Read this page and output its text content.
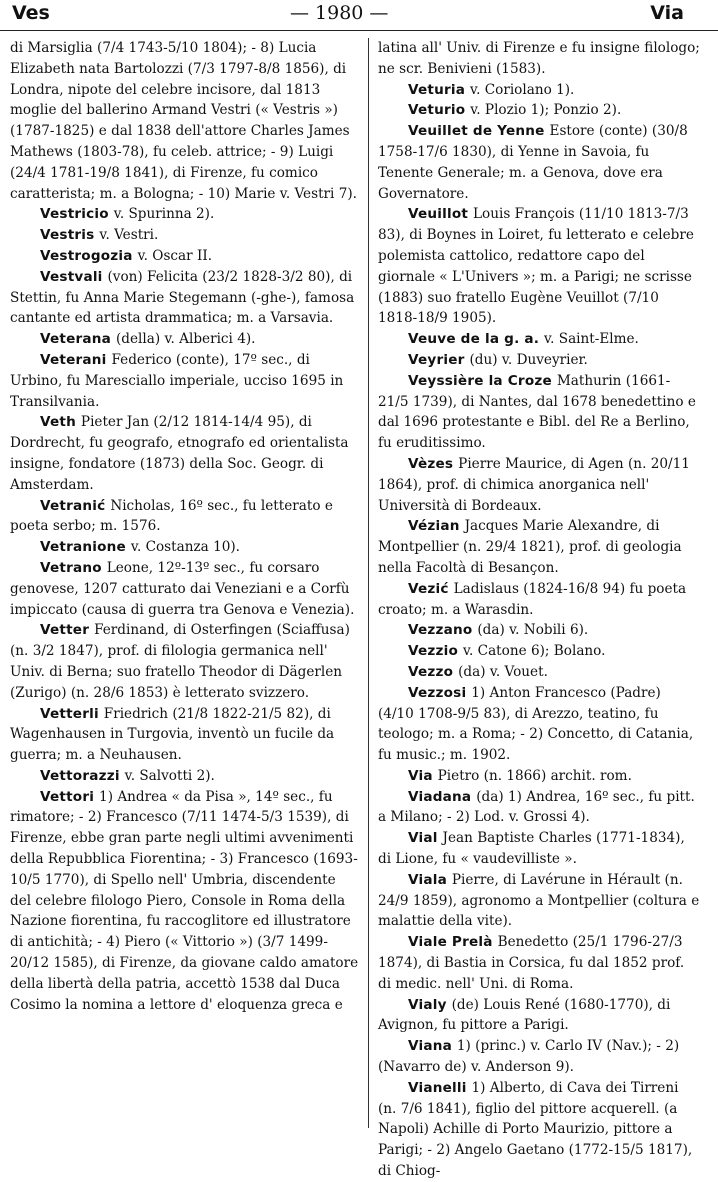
Ves	— 1980 —	Via

di Marsiglia (7/4 1743-5/10 1804); - 8) Lucia Elizabeth nata Bartolozzi (7/3 1797-8/8 1856), di Londra, nipote del celebre incisore, dal 1813 moglie del ballerino Armand Vestri (« Vestris ») (1787-1825) e dal 1838 dell'attore Charles James Mathews (1803-78), fu celeb. attrice; - 9) Luigi (24/4 1781-19/8 1841), di Firenze, fu comico caratterista; m. a Bologna; - 10) Marie v. Vestri 7).

Vestricio v. Spurinna 2).

Vestris v. Vestri.

Vestrogozia v. Oscar II.

Vestvali (von) Felicita (23/2 1828-3/2 80), di Stettin, fu Anna Marie Stegemann (-ghe-), famosa cantante ed artista drammatica; m. a Varsavia.

Veterana (della) v. Alberici 4).

Veterani Federico (conte), 17º sec., di Urbino, fu Maresciallo imperiale, ucciso 1695 in Transilvania.

Veth Pieter Jan (2/12 1814-14/4 95), di Dordrecht, fu geografo, etnografo ed orientalista insigne, fondatore (1873) della Soc. Geogr. di Amsterdam.

Vetranić Nicholas, 16º sec., fu letterato e poeta serbo; m. 1576.

Vetranione v. Costanza 10).

Vetrano Leone, 12º-13º sec., fu corsaro genovese, 1207 catturato dai Veneziani e a Corfù impiccato (causa di guerra tra Genova e Venezia).

Vetter Ferdinand, di Osterfingen (Sciaffusa) (n. 3/2 1847), prof. di filologia germanica nell' Univ. di Berna; suo fratello Theodor di Dägerlen (Zurigo) (n. 28/6 1853) è letterato svizzero.

Vetterli Friedrich (21/8 1822-21/5 82), di Wagenhausen in Turgovia, inventò un fucile da guerra; m. a Neuhausen.

Vettorazzi v. Salvotti 2).

Vettori 1) Andrea « da Pisa », 14º sec., fu rimatore; - 2) Francesco (7/11 1474-5/3 1539), di Firenze, ebbe gran parte negli ultimi avvenimenti della Repubblica Fiorentina; - 3) Francesco (1693-10/5 1770), di Spello nell' Umbria, discendente del celebre filologo Piero, Console in Roma della Nazione fiorentina, fu raccoglitore ed illustratore di antichità; - 4) Piero (« Vittorio ») (3/7 1499-20/12 1585), di Firenze, da giovane caldo amatore della libertà della patria, accettò 1538 dal Duca Cosimo la nomina a lettore d' eloquenza greca e

latina all' Univ. di Firenze e fu insigne filologo; ne scr. Benivieni (1583).

Veturia v. Coriolano 1).

Veturio v. Plozio 1); Ponzio 2).

Veuillet de Yenne Estore (conte) (30/8 1758-17/6 1830), di Yenne in Savoia, fu Tenente Generale; m. a Genova, dove era Governatore.

Veuillot Louis François (11/10 1813-7/3 83), di Boynes in Loiret, fu letterato e celebre polemista cattolico, redattore capo del giornale « L'Univers »; m. a Parigi; ne scrisse (1883) suo fratello Eugène Veuillot (7/10 1818-18/9 1905).

Veuve de la g. a. v. Saint-Elme.

Veyrier (du) v. Duveyrier.

Veyssière la Croze Mathurin (1661-21/5 1739), di Nantes, dal 1678 benedettino e dal 1696 protestante e Bibl. del Re a Berlino, fu eruditissimo.

Vèzes Pierre Maurice, di Agen (n. 20/11 1864), prof. di chimica anorganica nell' Università di Bordeaux.

Vézian Jacques Marie Alexandre, di Montpellier (n. 29/4 1821), prof. di geologia nella Facoltà di Besançon.

Vezić Ladislaus (1824-16/8 94) fu poeta croato; m. a Warasdin.

Vezzano (da) v. Nobili 6).

Vezzio v. Catone 6); Bolano.

Vezzo (da) v. Vouet.

Vezzosi 1) Anton Francesco (Padre) (4/10 1708-9/5 83), di Arezzo, teatino, fu teologo; m. a Roma; - 2) Concetto, di Catania, fu music.; m. 1902.

Via Pietro (n. 1866) archit. rom.

Viadana (da) 1) Andrea, 16º sec., fu pitt. a Milano; - 2) Lod. v. Grossi 4).

Vial Jean Baptiste Charles (1771-1834), di Lione, fu « vaudevilliste ».

Viala Pierre, di Lavérune in Hérault (n. 24/9 1859), agronomo a Montpellier (coltura e malattie della vite).

Viale Prelà Benedetto (25/1 1796-27/3 1874), di Bastia in Corsica, fu dal 1852 prof. di medic. nell' Uni. di Roma.

Vialy (de) Louis René (1680-1770), di Avignon, fu pittore a Parigi.

Viana 1) (princ.) v. Carlo IV (Nav.); - 2) (Navarro de) v. Anderson 9).

Vianelli 1) Alberto, di Cava dei Tirreni (n. 7/6 1841), figlio del pittore acquerell. (a Napoli) Achille di Porto Maurizio, pittore a Parigi; - 2) Angelo Gaetano (1772-15/5 1817), di Chiog-
